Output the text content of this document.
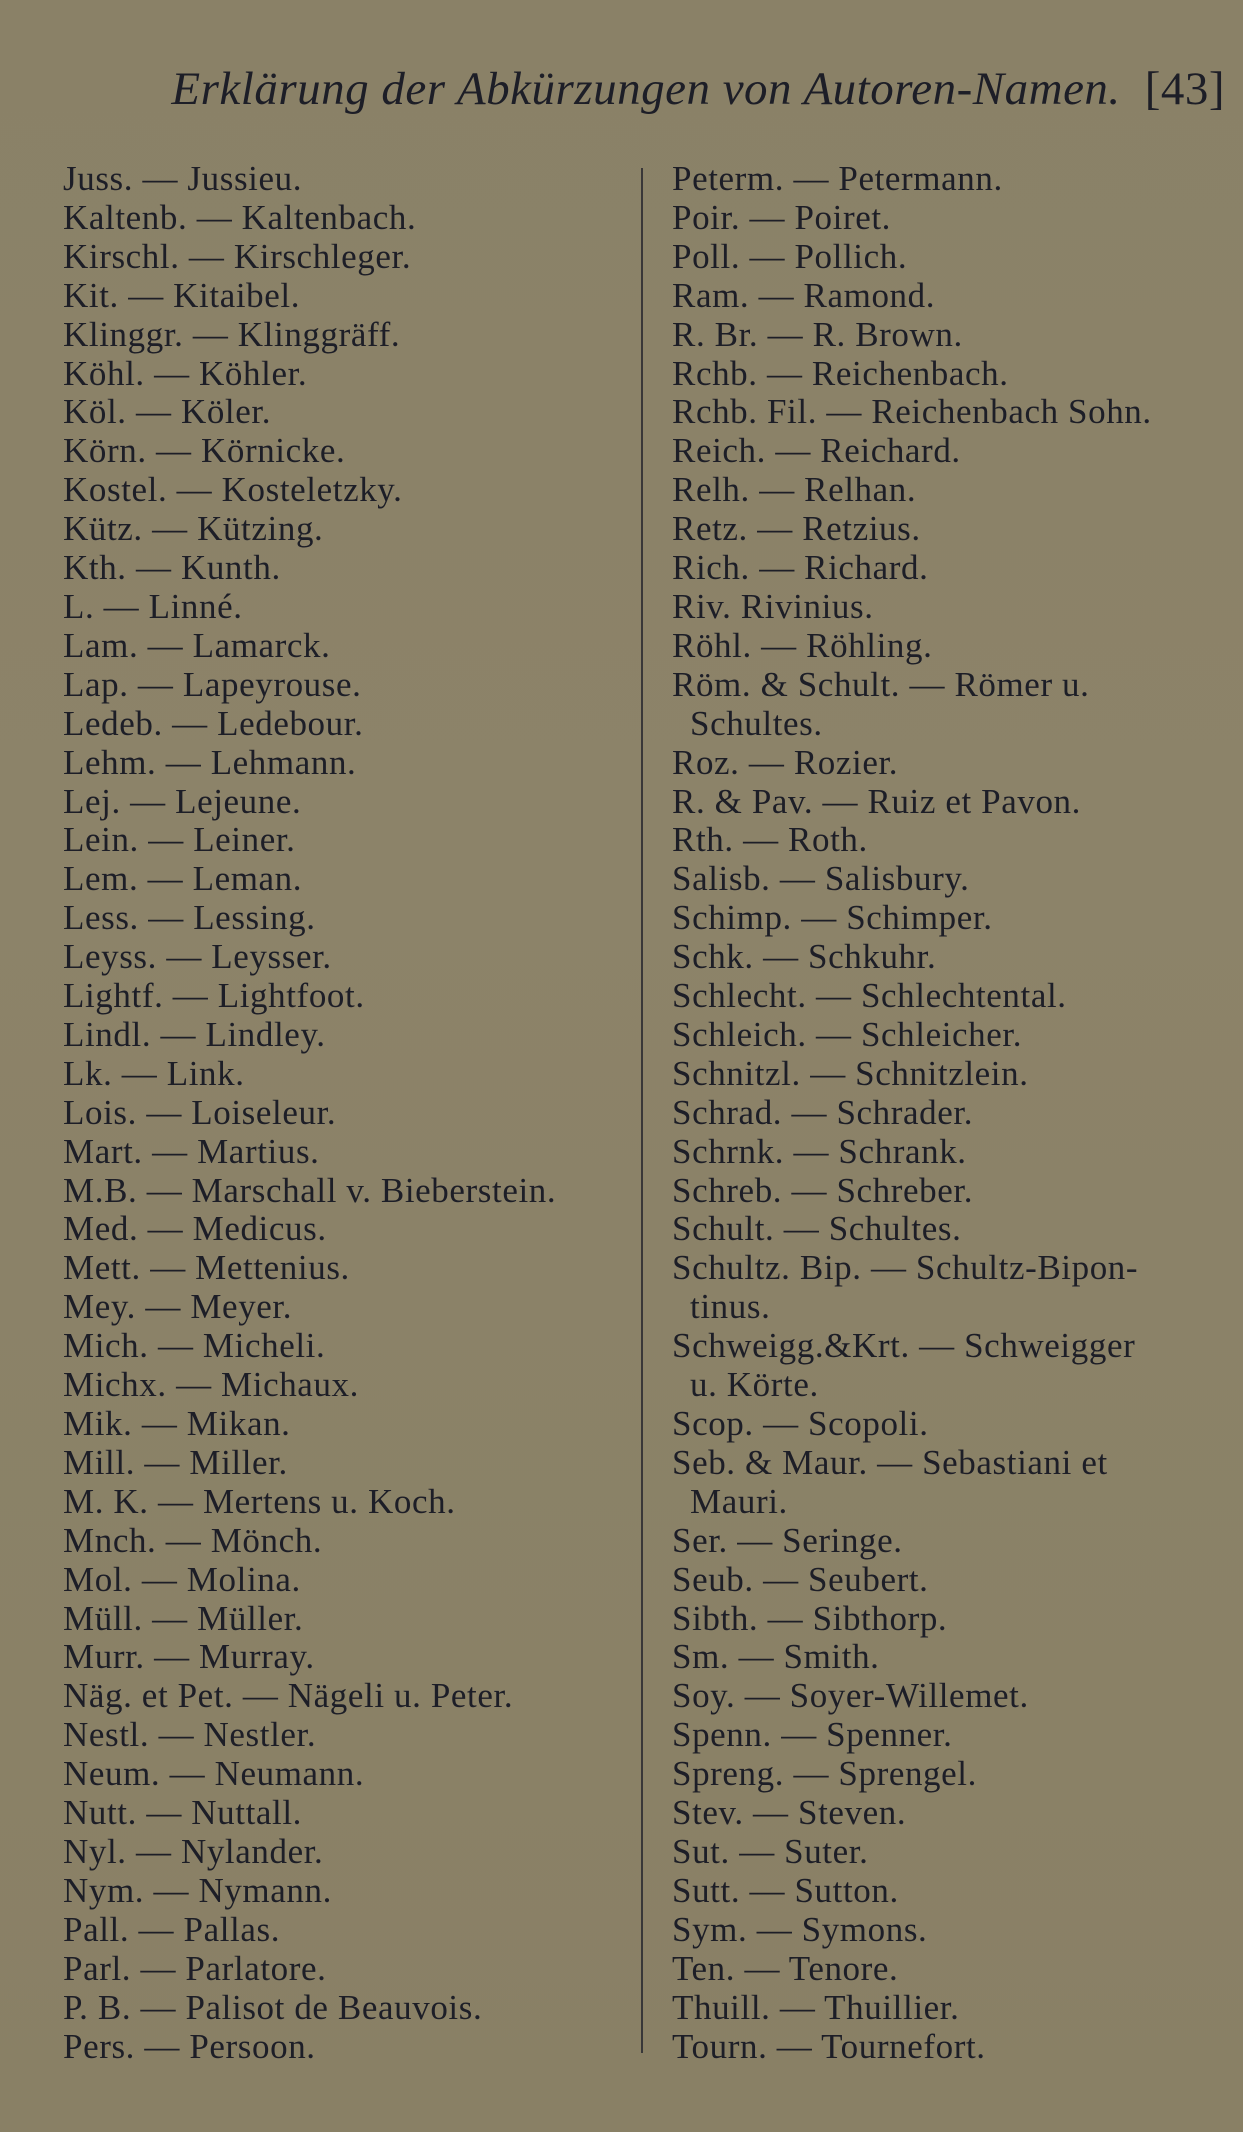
Erklärung der Abkürzungen von Autoren-Namen. [43]
Juss. — Jussieu.
Kaltenb. — Kaltenbach.
Kirschl. — Kirschleger.
Kit. — Kitaibel.
Klinggr. — Klinggräff.
Köhl. — Köhler.
Köl. — Köler.
Körn. — Körnicke.
Kostel. — Kosteletzky.
Kütz. — Kützing.
Kth. — Kunth.
L. — Linné.
Lam. — Lamarck.
Lap. — Lapeyrouse.
Ledeb. — Ledebour.
Lehm. — Lehmann.
Lej. — Lejeune.
Lein. — Leiner.
Lem. — Leman.
Less. — Lessing.
Leyss. — Leysser.
Lightf. — Lightfoot.
Lindl. — Lindley.
Lk. — Link.
Lois. — Loiseleur.
Mart. — Martius.
M.B. — Marschall v. Bieberstein.
Med. — Medicus.
Mett. — Mettenius.
Mey. — Meyer.
Mich. — Micheli.
Michx. — Michaux.
Mik. — Mikan.
Mill. — Miller.
M. K. — Mertens u. Koch.
Mnch. — Mönch.
Mol. — Molina.
Müll. — Müller.
Murr. — Murray.
Näg. et Pet. — Nägeli u. Peter.
Nestl. — Nestler.
Neum. — Neumann.
Nutt. — Nuttall.
Nyl. — Nylander.
Nym. — Nymann.
Pall. — Pallas.
Parl. — Parlatore.
P. B. — Palisot de Beauvois.
Pers. — Persoon.
Peterm. — Petermann.
Poir. — Poiret.
Poll. — Pollich.
Ram. — Ramond.
R. Br. — R. Brown.
Rchb. — Reichenbach.
Rchb. Fil. — Reichenbach Sohn.
Reich. — Reichard.
Relh. — Relhan.
Retz. — Retzius.
Rich. — Richard.
Riv. Rivinius.
Röhl. — Röhling.
Röm. & Schult. — Römer u.
Schultes.
Roz. — Rozier.
R. & Pav. — Ruiz et Pavon.
Rth. — Roth.
Salisb. — Salisbury.
Schimp. — Schimper.
Schk. — Schkuhr.
Schlecht. — Schlechtental.
Schleich. — Schleicher.
Schnitzl. — Schnitzlein.
Schrad. — Schrader.
Schrnk. — Schrank.
Schreb. — Schreber.
Schult. — Schultes.
Schultz. Bip. — Schultz-Bipon-
tinus.
Schweigg.&Krt. — Schweigger
u. Körte.
Scop. — Scopoli.
Seb. & Maur. — Sebastiani et
Mauri.
Ser. — Seringe.
Seub. — Seubert.
Sibth. — Sibthorp.
Sm. — Smith.
Soy. — Soyer-Willemet.
Spenn. — Spenner.
Spreng. — Sprengel.
Stev. — Steven.
Sut. — Suter.
Sutt. — Sutton.
Sym. — Symons.
Ten. — Tenore.
Thuill. — Thuillier.
Tourn. — Tournefort.
